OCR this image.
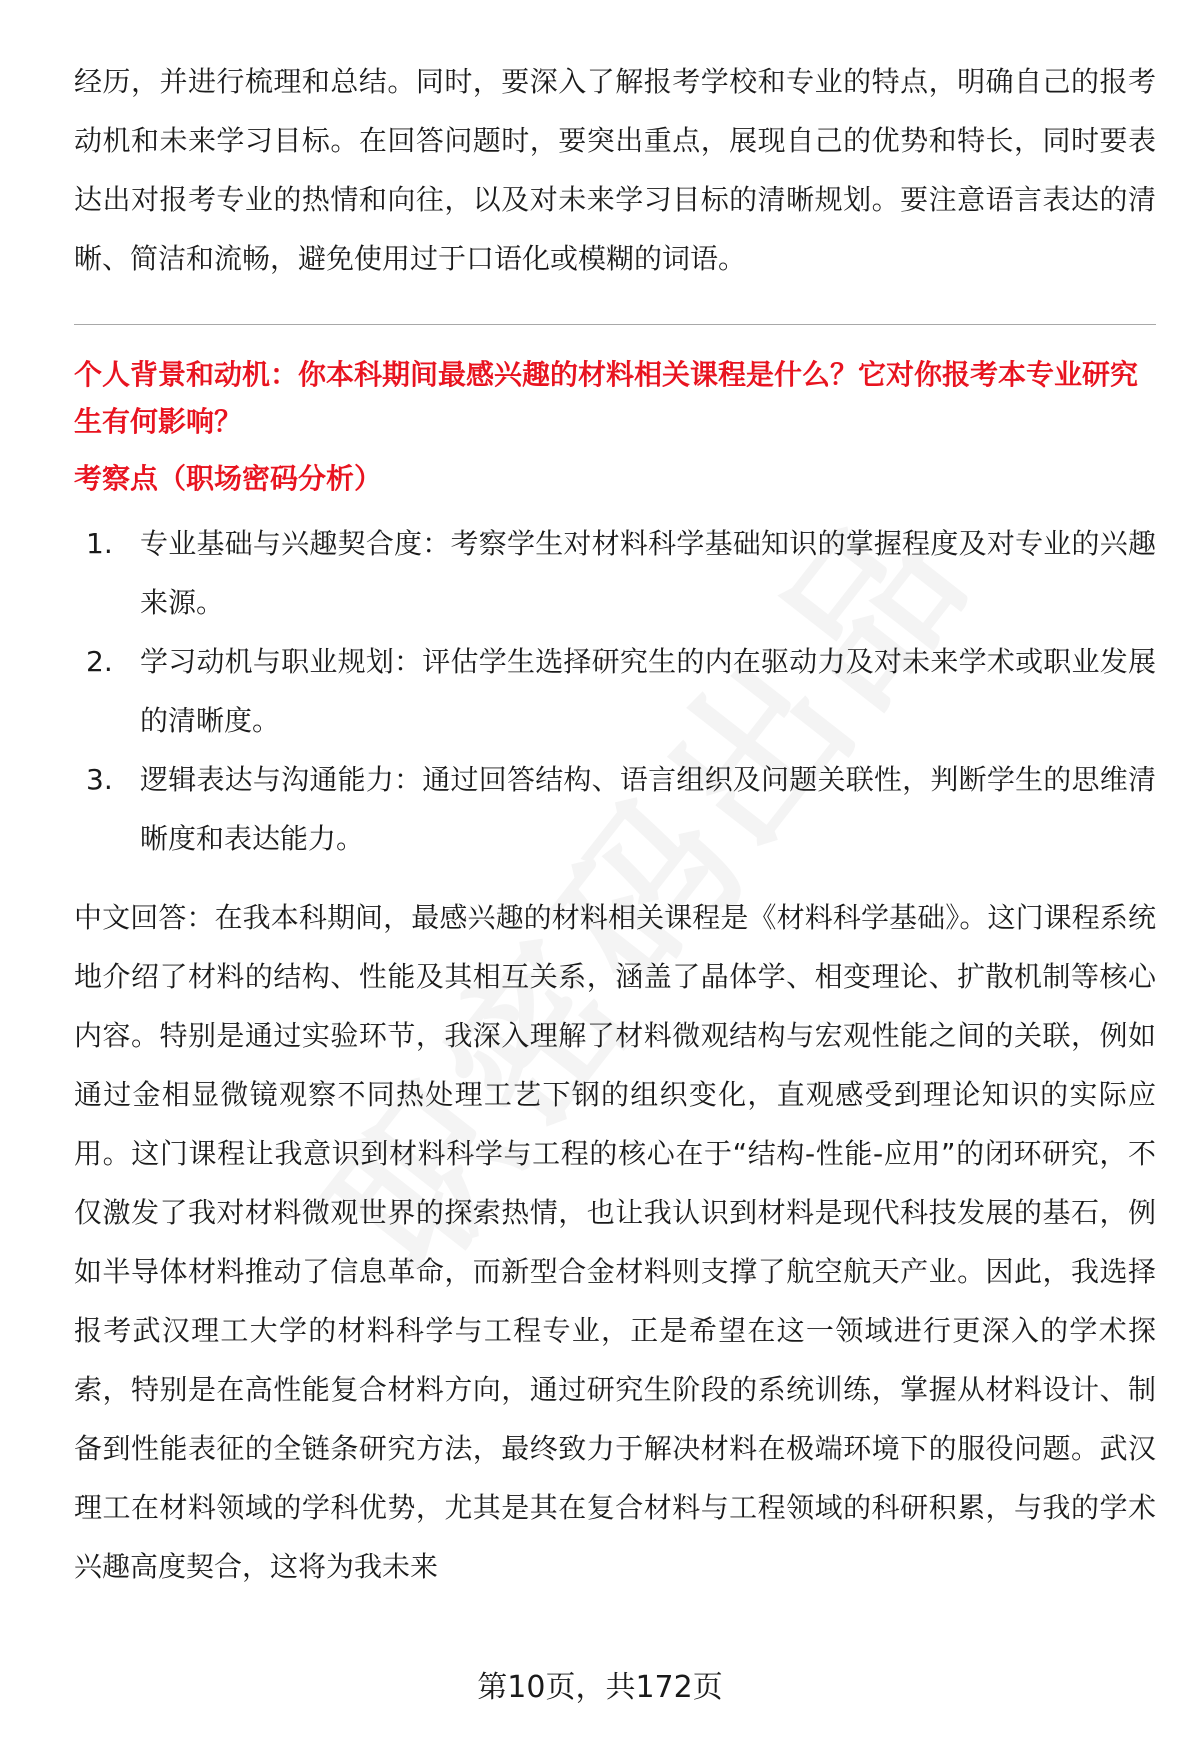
经历，并进行梳理和总结。同时，要深入了解报考学校和专业的特点，明确自己的报考动机和未来学习目标。在回答问题时，要突出重点，展现自己的优势和特长，同时要表达出对报考专业的热情和向往，以及对未来学习目标的清晰规划。要注意语言表达的清晰、简洁和流畅，避免使用过于口语化或模糊的词语。

个人背景和动机：你本科期间最感兴趣的材料相关课程是什么？它对你报考本专业研究生有何影响？

考察点（职场密码分析）

1. 专业基础与兴趣契合度：考察学生对材料科学基础知识的掌握程度及对专业的兴趣来源。
2. 学习动机与职业规划：评估学生选择研究生的内在驱动力及对未来学术或职业发展的清晰度。
3. 逻辑表达与沟通能力：通过回答结构、语言组织及问题关联性，判断学生的思维清晰度和表达能力。

中文回答：在我本科期间，最感兴趣的材料相关课程是《材料科学基础》。这门课程系统地介绍了材料的结构、性能及其相互关系，涵盖了晶体学、相变理论、扩散机制等核心内容。特别是通过实验环节，我深入理解了材料微观结构与宏观性能之间的关联，例如通过金相显微镜观察不同热处理工艺下钢的组织变化，直观感受到理论知识的实际应用。这门课程让我意识到材料科学与工程的核心在于“结构-性能-应用”的闭环研究，不仅激发了我对材料微观世界的探索热情，也让我认识到材料是现代科技发展的基石，例如半导体材料推动了信息革命，而新型合金材料则支撑了航空航天产业。因此，我选择报考武汉理工大学的材料科学与工程专业，正是希望在这一领域进行更深入的学术探索，特别是在高性能复合材料方向，通过研究生阶段的系统训练，掌握从材料设计、制备到性能表征的全链条研究方法，最终致力于解决材料在极端环境下的服役问题。武汉理工在材料领域的学科优势，尤其是其在复合材料与工程领域的科研积累，与我的学术兴趣高度契合，这将为我未来

第10页，共172页
